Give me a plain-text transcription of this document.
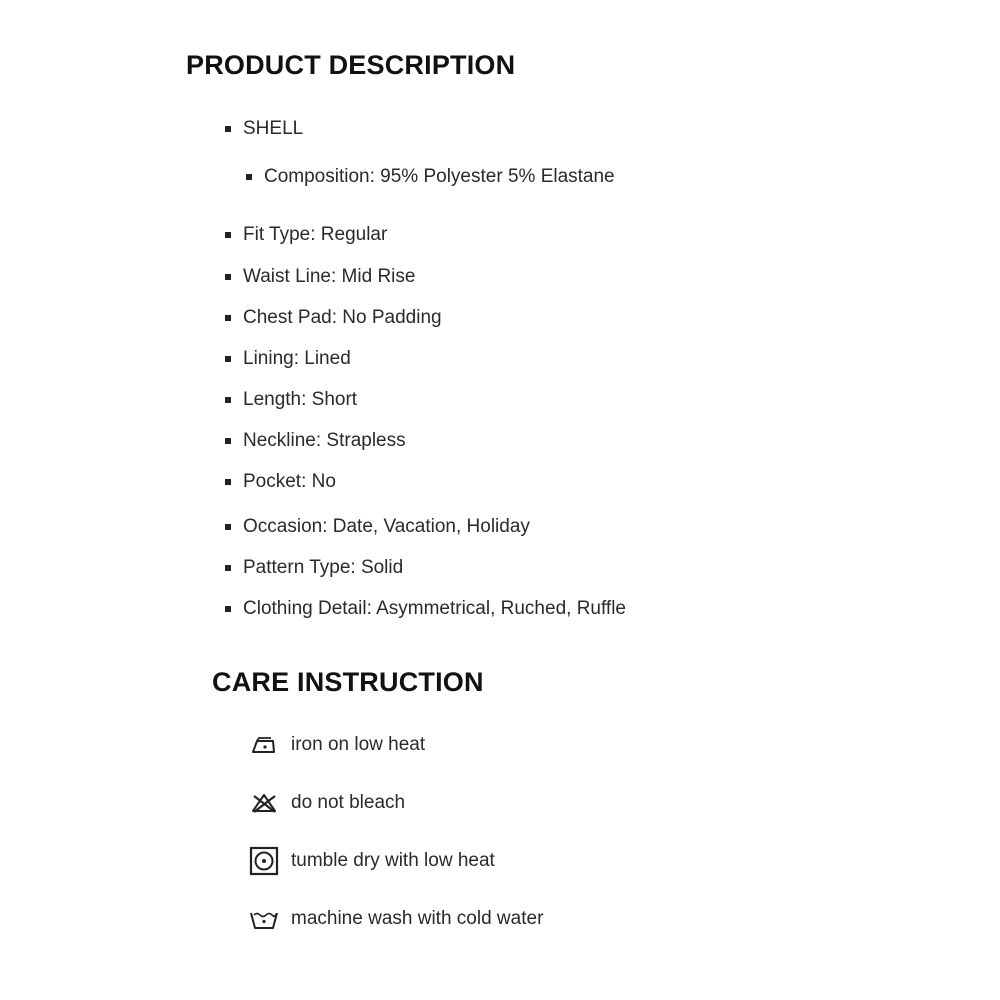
PRODUCT DESCRIPTION
SHELL
Composition: 95% Polyester 5% Elastane
Fit Type: Regular
Waist Line: Mid Rise
Chest Pad: No Padding
Lining: Lined
Length: Short
Neckline: Strapless
Pocket: No
Occasion: Date, Vacation, Holiday
Pattern Type: Solid
Clothing Detail: Asymmetrical, Ruched, Ruffle
CARE INSTRUCTION
iron on low heat
do not bleach
tumble dry with low heat
machine wash with cold water
